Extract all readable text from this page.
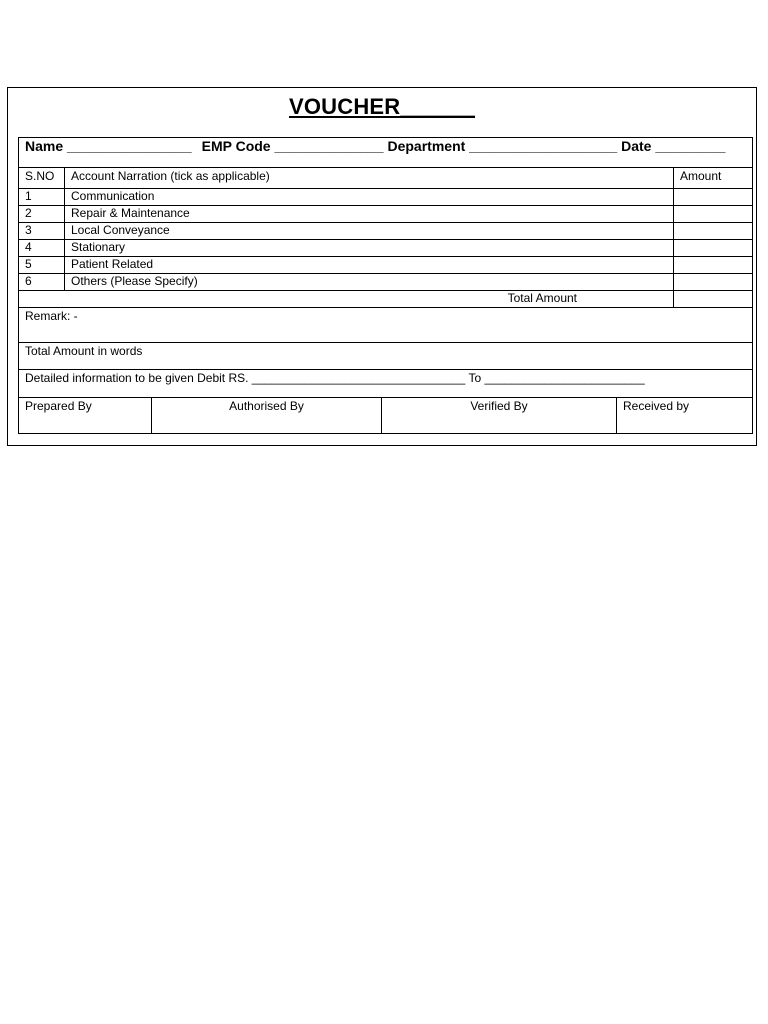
VOUCHER______
Name ________________ EMP Code ______________ Department ___________________ Date _________		
S.NO	Account Narration (tick as applicable)	Amount
1	Communication	
2	Repair & Maintenance	
3	Local Conveyance	
4	Stationary	
5	Patient Related	
6	Others (Please Specify)	
Total Amount		
Remark: -		
Total Amount in words		
Detailed information to be given Debit RS. ________________________________ To ________________________		
Prepared By	Authorised By	Verified By	Received by
